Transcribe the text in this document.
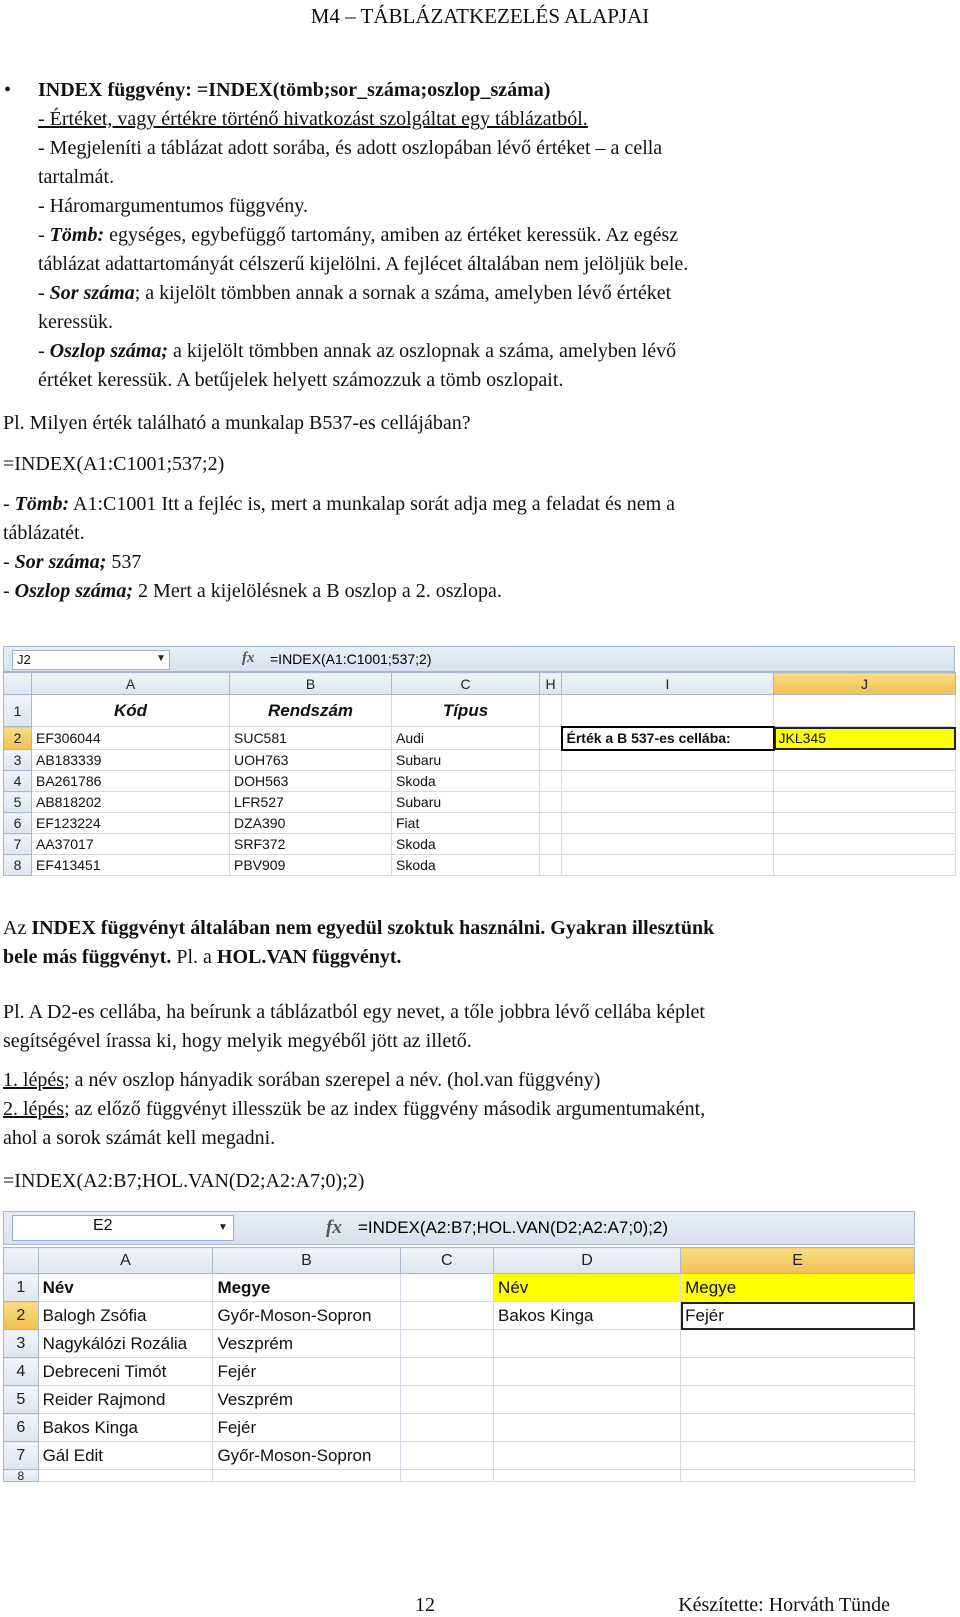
M4 – TÁBLÁZATKEZELÉS ALAPJAI
• INDEX függvény: =INDEX(tömb;sor_száma;oszlop_száma)
- Értéket, vagy értékre történő hivatkozást szolgáltat egy táblázatból.
- Megjeleníti a táblázat adott sorába, és adott oszlopában lévő értéket – a cella
tartalmát.
- Háromargumentumos függvény.
- Tömb: egységes, egybefüggő tartomány, amiben az értéket keressük. Az egész
táblázat adattartományát célszerű kijelölni. A fejlécet általában nem jelöljük bele.
- Sor száma; a kijelölt tömbben annak a sornak a száma, amelyben lévő értéket
keressük.
- Oszlop száma; a kijelölt tömbben annak az oszlopnak a száma, amelyben lévő
értéket keressük. A betűjelek helyett számozzuk a tömb oszlopait.
Pl. Milyen érték található a munkalap B537-es cellájában?
=INDEX(A1:C1001;537;2)
- Tömb: A1:C1001 Itt a fejléc is, mert a munkalap sorát adja meg a feladat és nem a
táblázatét.
- Sor száma; 537
- Oszlop száma; 2 Mert a kijelölésnek a B oszlop a 2. oszlopa.
J2	▼	fx =INDEX(A1:C1001;537;2)
	A	B	C	H	I	J
1	Kód	Rendszám	Típus			
2	EF306044	SUC581	Audi		Érték a B 537-es cellába:	JKL345
3	AB183339	UOH763	Subaru			
4	BA261786	DOH563	Skoda			
5	AB818202	LFR527	Subaru			
6	EF123224	DZA390	Fiat			
7	AA37017	SRF372	Skoda			
8	EF413451	PBV909	Skoda			
Az INDEX függvényt általában nem egyedül szoktuk használni. Gyakran illesztünk
bele más függvényt. Pl. a HOL.VAN függvényt.
Pl. A D2-es cellába, ha beírunk a táblázatból egy nevet, a tőle jobbra lévő cellába képlet
segítségével írassa ki, hogy melyik megyéből jött az illető.
1. lépés; a név oszlop hányadik sorában szerepel a név. (hol.van függvény)
2. lépés; az előző függvényt illesszük be az index függvény második argumentumaként,
ahol a sorok számát kell megadni.
=INDEX(A2:B7;HOL.VAN(D2;A2:A7;0);2)
E2	▼	fx =INDEX(A2:B7;HOL.VAN(D2;A2:A7;0);2)
	A	B	C	D	E
1	Név	Megye		Név	Megye
2	Balogh Zsófia	Győr-Moson-Sopron		Bakos Kinga	Fejér
3	Nagykálózi Rozália	Veszprém			
4	Debreceni Timót	Fejér			
5	Reider Rajmond	Veszprém			
6	Bakos Kinga	Fejér			
7	Gál Edit	Győr-Moson-Sopron			
8					
12	Készítette: Horváth Tünde
